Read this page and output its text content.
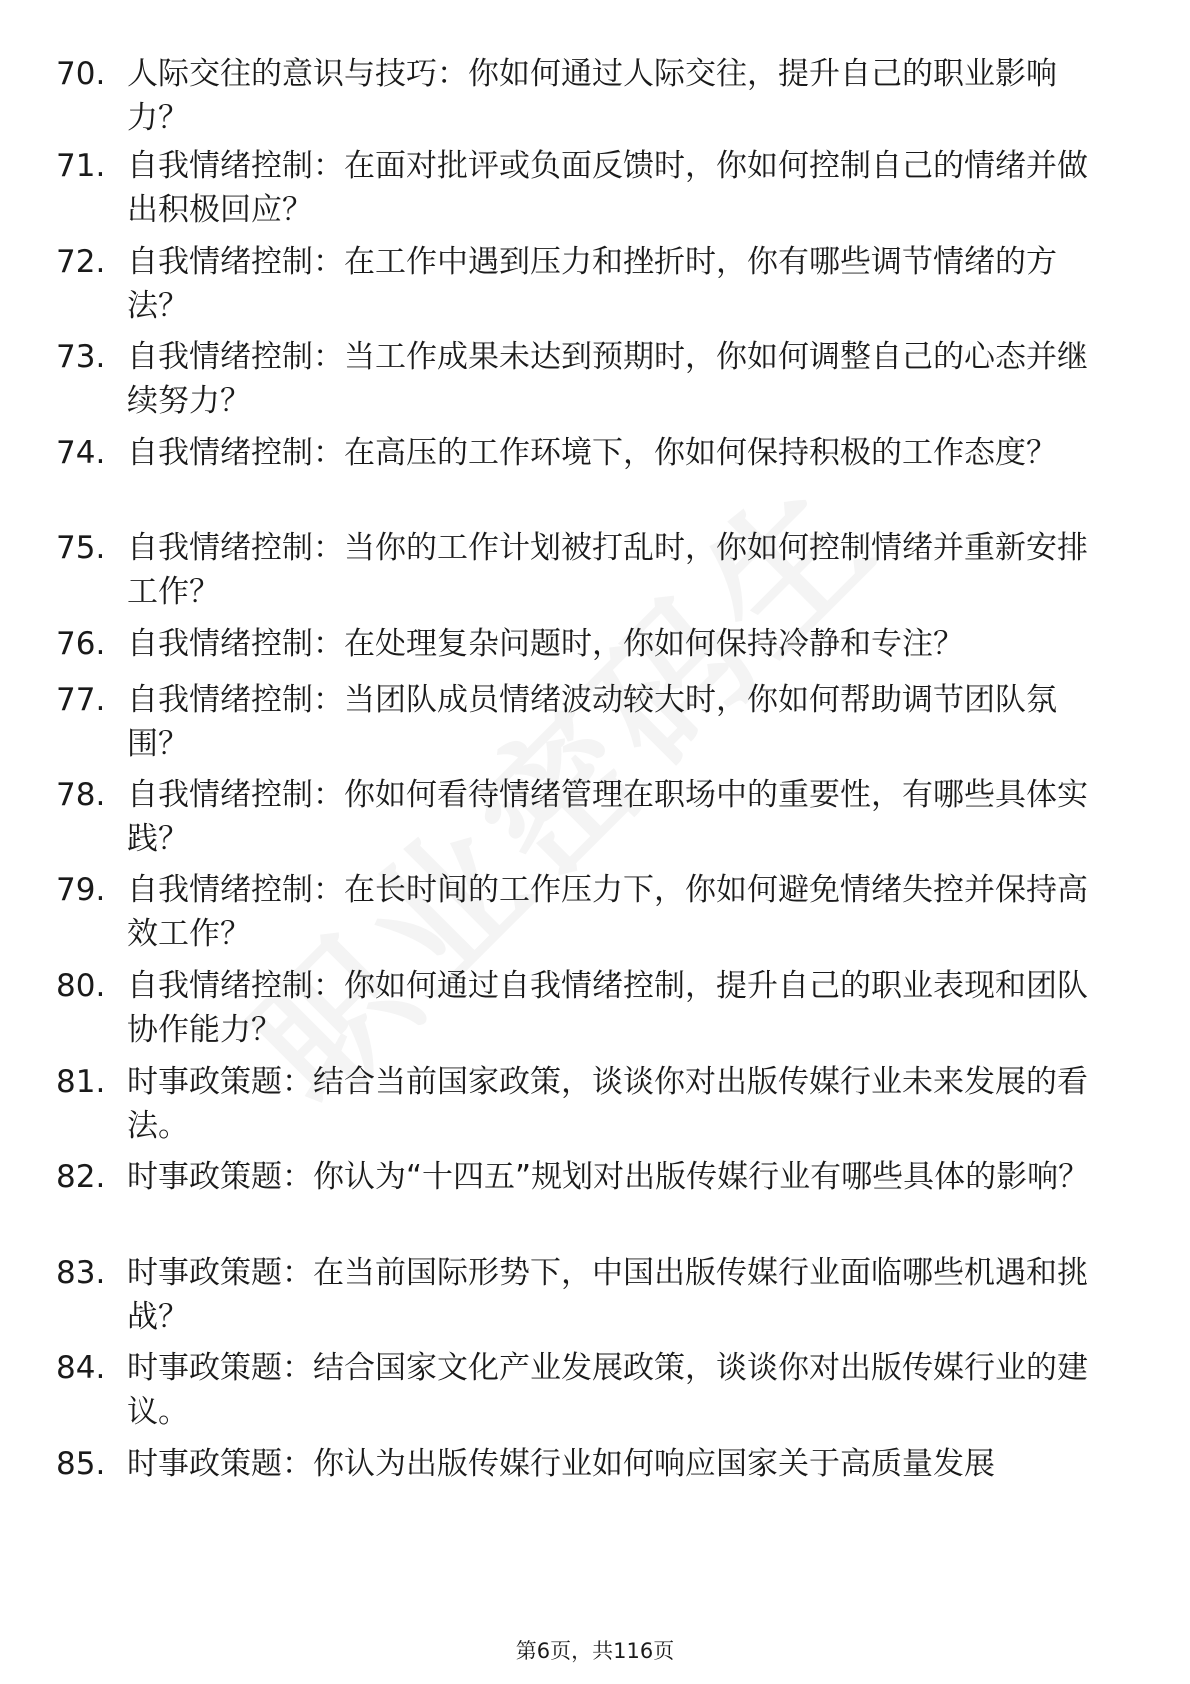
70. 人际交往的意识与技巧：你如何通过人际交往，提升自己的职业影响力？
71. 自我情绪控制：在面对批评或负面反馈时，你如何控制自己的情绪并做出积极回应？
72. 自我情绪控制：在工作中遇到压力和挫折时，你有哪些调节情绪的方法？
73. 自我情绪控制：当工作成果未达到预期时，你如何调整自己的心态并继续努力？
74. 自我情绪控制：在高压的工作环境下，你如何保持积极的工作态度？
75. 自我情绪控制：当你的工作计划被打乱时，你如何控制情绪并重新安排工作？
76. 自我情绪控制：在处理复杂问题时，你如何保持冷静和专注？
77. 自我情绪控制：当团队成员情绪波动较大时，你如何帮助调节团队氛围？
78. 自我情绪控制：你如何看待情绪管理在职场中的重要性，有哪些具体实践？
79. 自我情绪控制：在长时间的工作压力下，你如何避免情绪失控并保持高效工作？
80. 自我情绪控制：你如何通过自我情绪控制，提升自己的职业表现和团队协作能力？
81. 时事政策题：结合当前国家政策，谈谈你对出版传媒行业未来发展的看法。
82. 时事政策题：你认为“十四五”规划对出版传媒行业有哪些具体的影响？
83. 时事政策题：在当前国际形势下，中国出版传媒行业面临哪些机遇和挑战？
84. 时事政策题：结合国家文化产业发展政策，谈谈你对出版传媒行业的建议。
85. 时事政策题：你认为出版传媒行业如何响应国家关于高质量发展
第6页，共116页
